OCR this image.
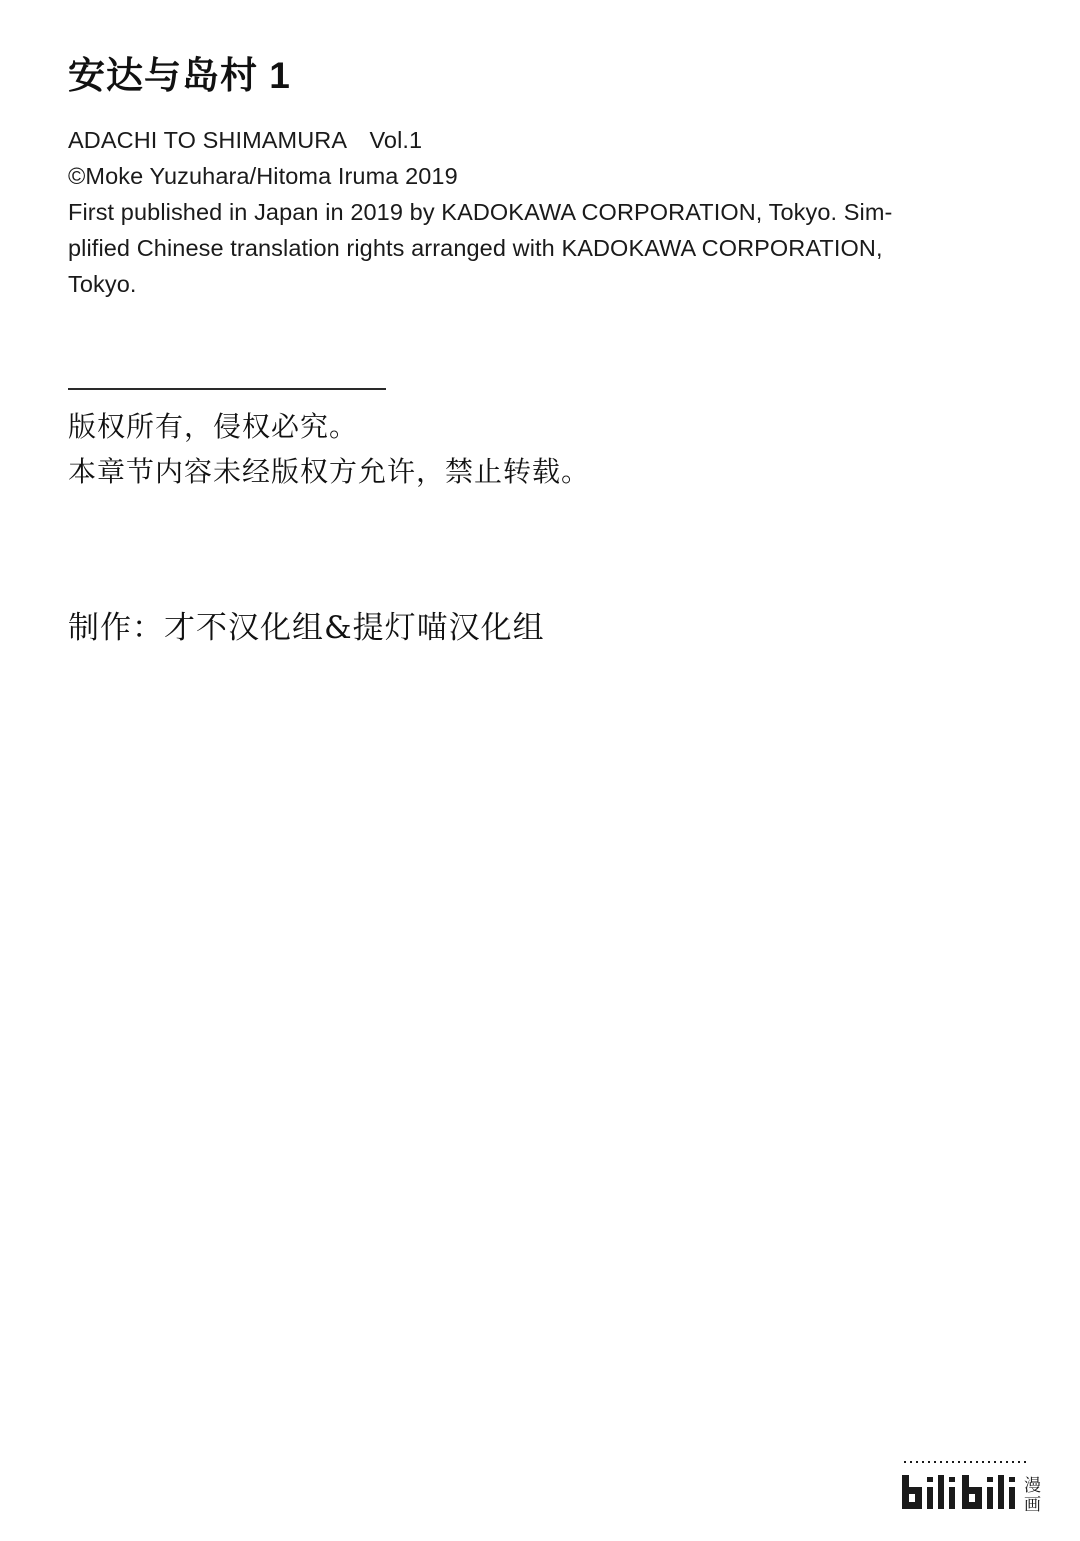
安达与岛村 1
ADACHI TO SHIMAMURA　Vol.1
©Moke Yuzuhara/Hitoma Iruma 2019
First published in Japan in 2019 by KADOKAWA CORPORATION, Tokyo. Sim-
plified Chinese translation rights arranged with KADOKAWA CORPORATION,
Tokyo.
版权所有，侵权必究。
本章节内容未经版权方允许，禁止转载。
制作：才不汉化组&提灯喵汉化组
漫
画
